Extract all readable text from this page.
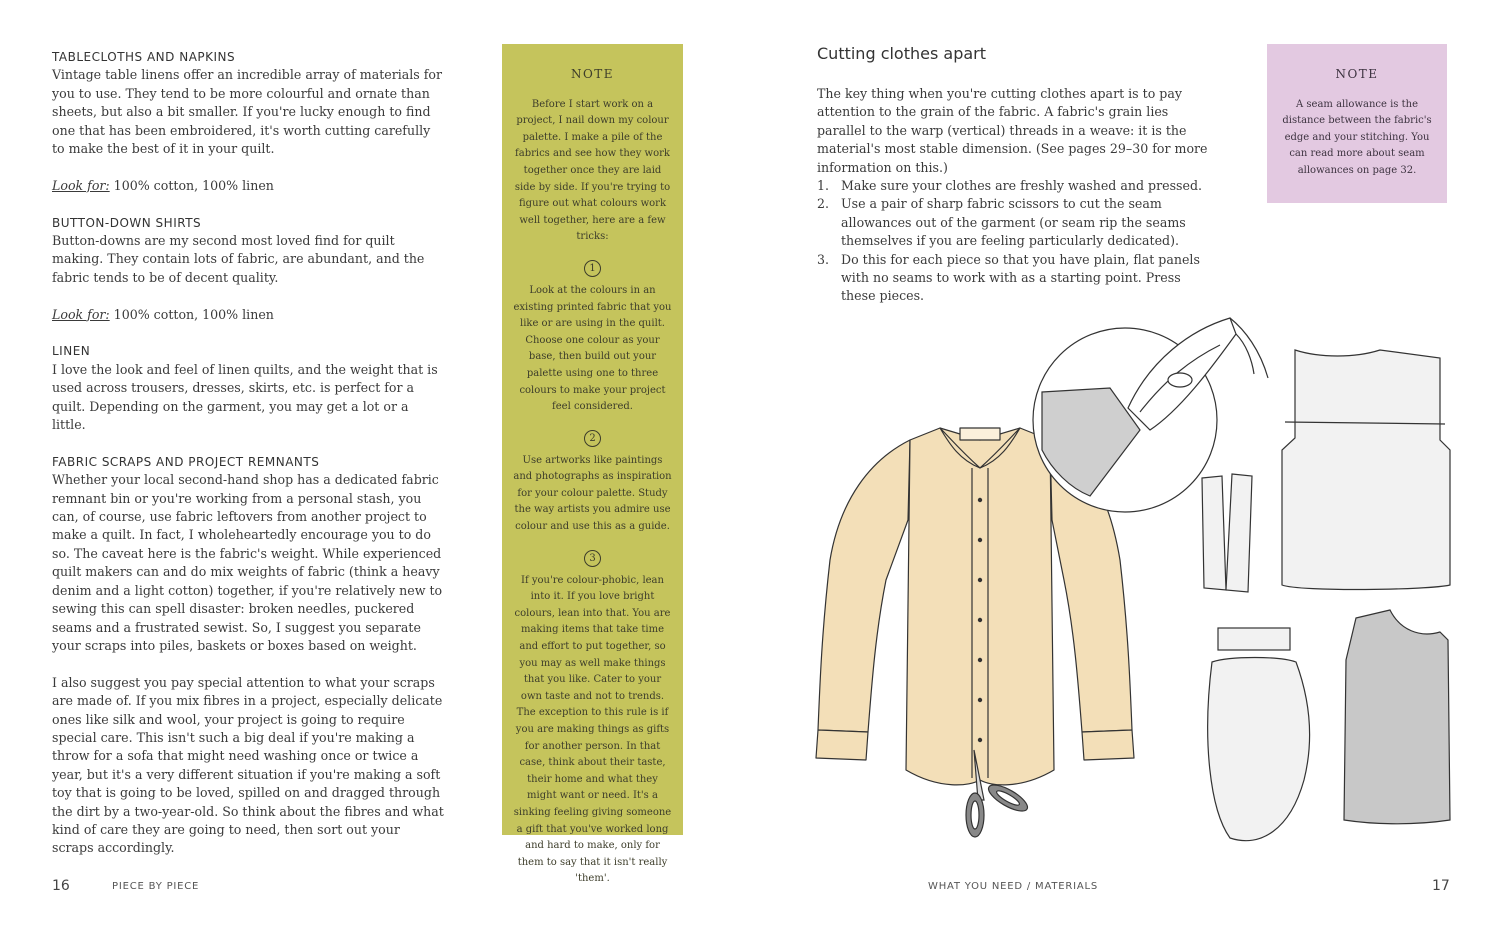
TABLECLOTHS AND NAPKINS

Vintage table linens offer an incredible array of materials for you to use. They tend to be more colourful and ornate than sheets, but also a bit smaller. If you're lucky enough to find one that has been embroidered, it's worth cutting carefully to make the best of it in your quilt.

Look for: 100% cotton, 100% linen

BUTTON-DOWN SHIRTS

Button-downs are my second most loved find for quilt making. They contain lots of fabric, are abundant, and the fabric tends to be of decent quality.

Look for: 100% cotton, 100% linen

LINEN

I love the look and feel of linen quilts, and the weight that is used across trousers, dresses, skirts, etc. is perfect for a quilt. Depending on the garment, you may get a lot or a little.

FABRIC SCRAPS AND PROJECT REMNANTS

Whether your local second-hand shop has a dedicated fabric remnant bin or you're working from a personal stash, you can, of course, use fabric leftovers from another project to make a quilt. In fact, I wholeheartedly encourage you to do so. The caveat here is the fabric's weight. While experienced quilt makers can and do mix weights of fabric (think a heavy denim and a light cotton) together, if you're relatively new to sewing this can spell disaster: broken needles, puckered seams and a frustrated sewist. So, I suggest you separate your scraps into piles, baskets or boxes based on weight.

I also suggest you pay special attention to what your scraps are made of. If you mix fibres in a project, especially delicate ones like silk and wool, your project is going to require special care. This isn't such a big deal if you're making a throw for a sofa that might need washing once or twice a year, but it's a very different situation if you're making a soft toy that is going to be loved, spilled on and dragged through the dirt by a two-year-old. So think about the fibres and what kind of care they are going to need, then sort out your scraps accordingly.

NOTE

Before I start work on a project, I nail down my colour palette. I make a pile of the fabrics and see how they work together once they are laid side by side. If you're trying to figure out what colours work well together, here are a few tricks:

1

Look at the colours in an existing printed fabric that you like or are using in the quilt. Choose one colour as your base, then build out your palette using one to three colours to make your project feel considered.

2

Use artworks like paintings and photographs as inspiration for your colour palette. Study the way artists you admire use colour and use this as a guide.

3

If you're colour-phobic, lean into it. If you love bright colours, lean into that. You are making items that take time and effort to put together, so you may as well make things that you like. Cater to your own taste and not to trends. The exception to this rule is if you are making things as gifts for another person. In that case, think about their taste, their home and what they might want or need. It's a sinking feeling giving someone a gift that you've worked long and hard to make, only for them to say that it isn't really 'them'.

Cutting clothes apart

The key thing when you're cutting clothes apart is to pay attention to the grain of the fabric. A fabric's grain lies parallel to the warp (vertical) threads in a weave: it is the material's most stable dimension. (See pages 29–30 for more information on this.)

1. Make sure your clothes are freshly washed and pressed.
2. Use a pair of sharp fabric scissors to cut the seam allowances out of the garment (or seam rip the seams themselves if you are feeling particularly dedicated).
3. Do this for each piece so that you have plain, flat panels with no seams to work with as a starting point. Press these pieces.
NOTE

A seam allowance is the distance between the fabric's edge and your stitching. You can read more about seam allowances on page 32.

16	PIECE BY PIECE	WHAT YOU NEED / MATERIALS	17
